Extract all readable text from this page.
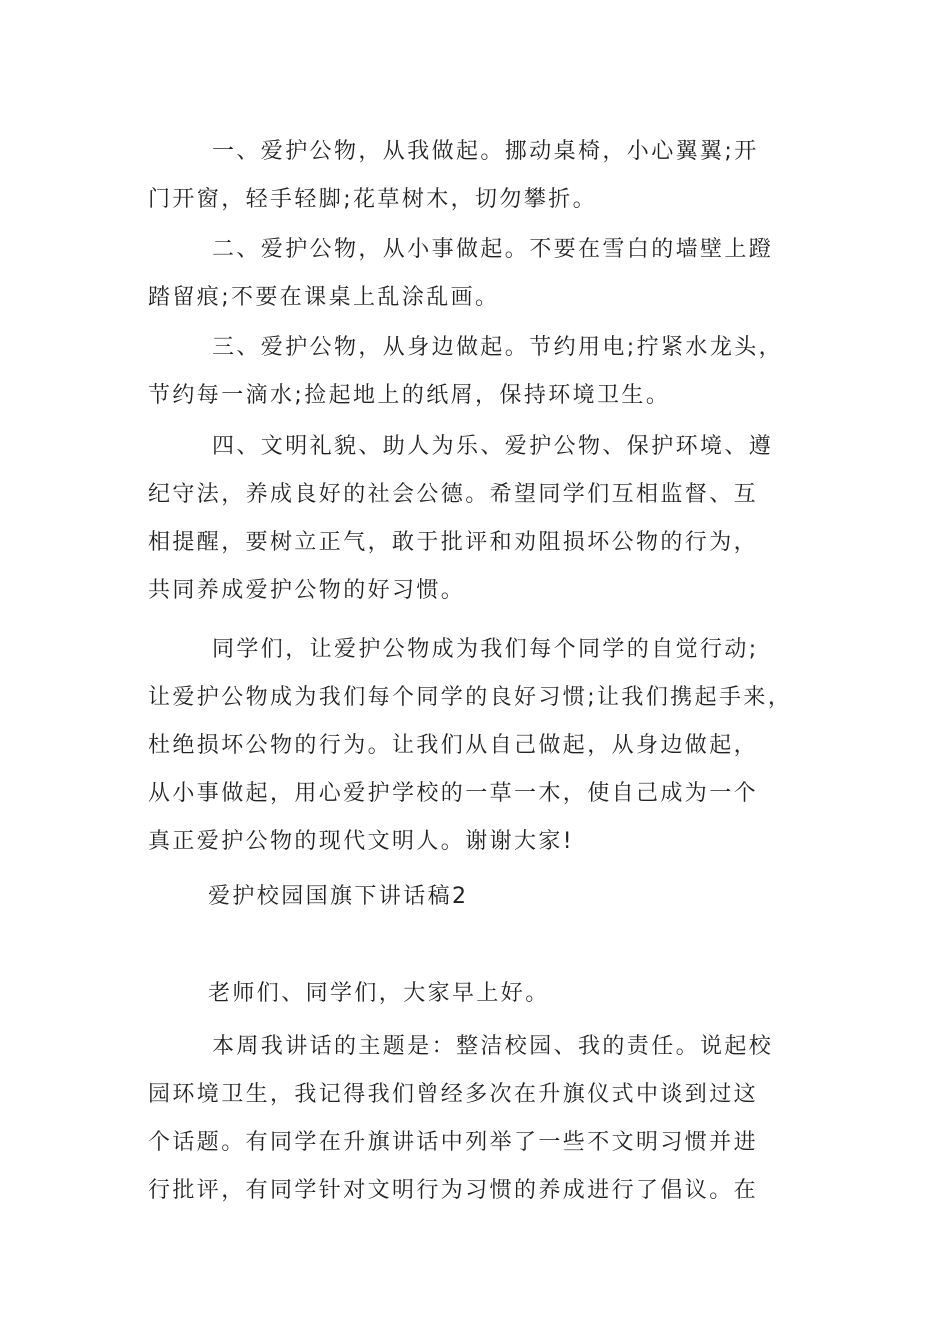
一、爱护公物，从我做起。挪动桌椅，小心翼翼;开
门开窗，轻手轻脚;花草树木，切勿攀折。

二、爱护公物，从小事做起。不要在雪白的墙壁上蹬
踏留痕;不要在课桌上乱涂乱画。

三、爱护公物，从身边做起。节约用电;拧紧水龙头，
节约每一滴水;捡起地上的纸屑，保持环境卫生。

四、文明礼貌、助人为乐、爱护公物、保护环境、遵
纪守法，养成良好的社会公德。希望同学们互相监督、互
相提醒，要树立正气，敢于批评和劝阻损坏公物的行为，
共同养成爱护公物的好习惯。

同学们，让爱护公物成为我们每个同学的自觉行动;
让爱护公物成为我们每个同学的良好习惯;让我们携起手来，
杜绝损坏公物的行为。让我们从自己做起，从身边做起，
从小事做起，用心爱护学校的一草一木，使自己成为一个
真正爱护公物的现代文明人。谢谢大家!

爱护校园国旗下讲话稿2
老师们、同学们，大家早上好。

本周我讲话的主题是：整洁校园、我的责任。说起校
园环境卫生，我记得我们曾经多次在升旗仪式中谈到过这
个话题。有同学在升旗讲话中列举了一些不文明习惯并进
行批评，有同学针对文明行为习惯的养成进行了倡议。在
